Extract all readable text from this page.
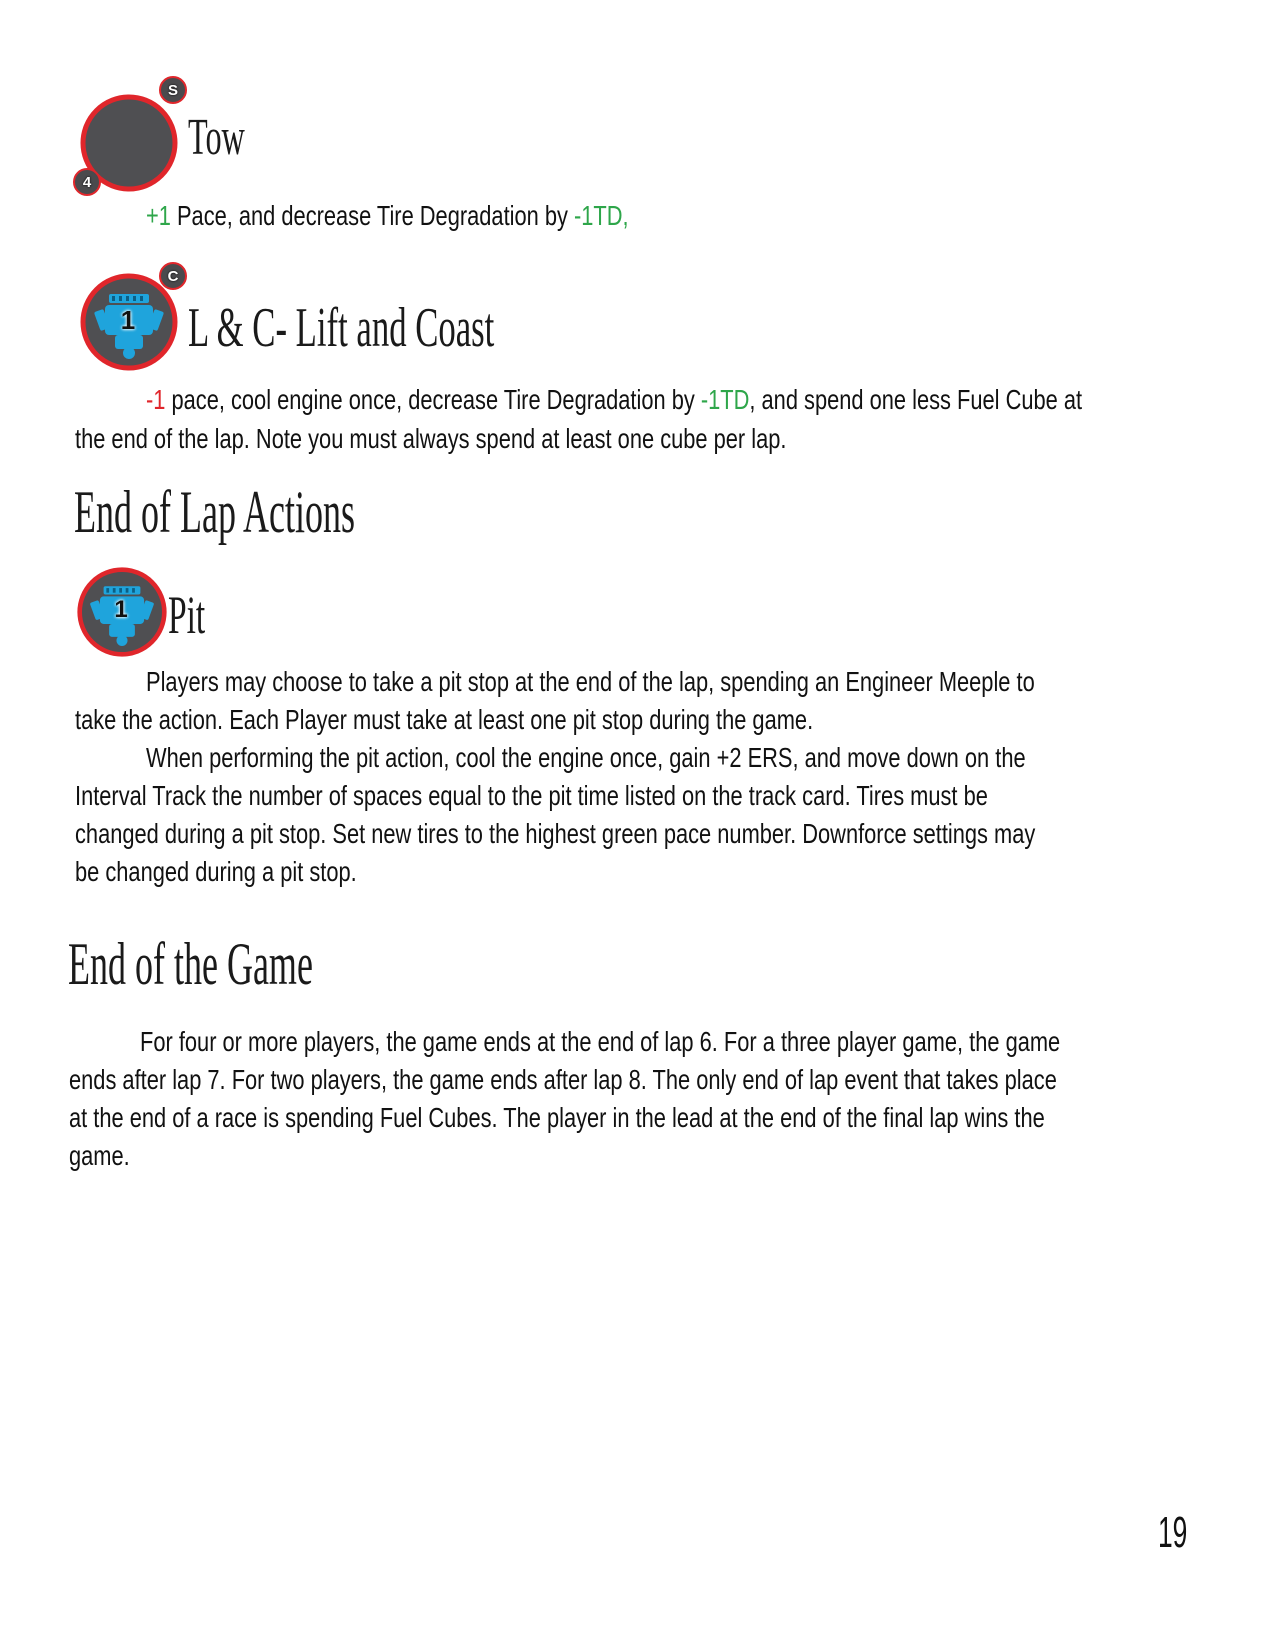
S
4
Tow
+1 Pace, and decrease Tire Degradation by -1TD,
1
C
L & C- Lift and Coast
-1 pace, cool engine once, decrease Tire Degradation by -1TD, and spend one less Fuel Cube at
the end of the lap. Note you must always spend at least one cube per lap.
End of Lap Actions
1 Pit
Players may choose to take a pit stop at the end of the lap, spending an Engineer Meeple to
take the action. Each Player must take at least one pit stop during the game.
When performing the pit action, cool the engine once, gain +2 ERS, and move down on the
Interval Track the number of spaces equal to the pit time listed on the track card. Tires must be
changed during a pit stop. Set new tires to the highest green pace number. Downforce settings may
be changed during a pit stop.
End of the Game
For four or more players, the game ends at the end of lap 6. For a three player game, the game
ends after lap 7. For two players, the game ends after lap 8. The only end of lap event that takes place
at the end of a race is spending Fuel Cubes. The player in the lead at the end of the final lap wins the
game.
19
